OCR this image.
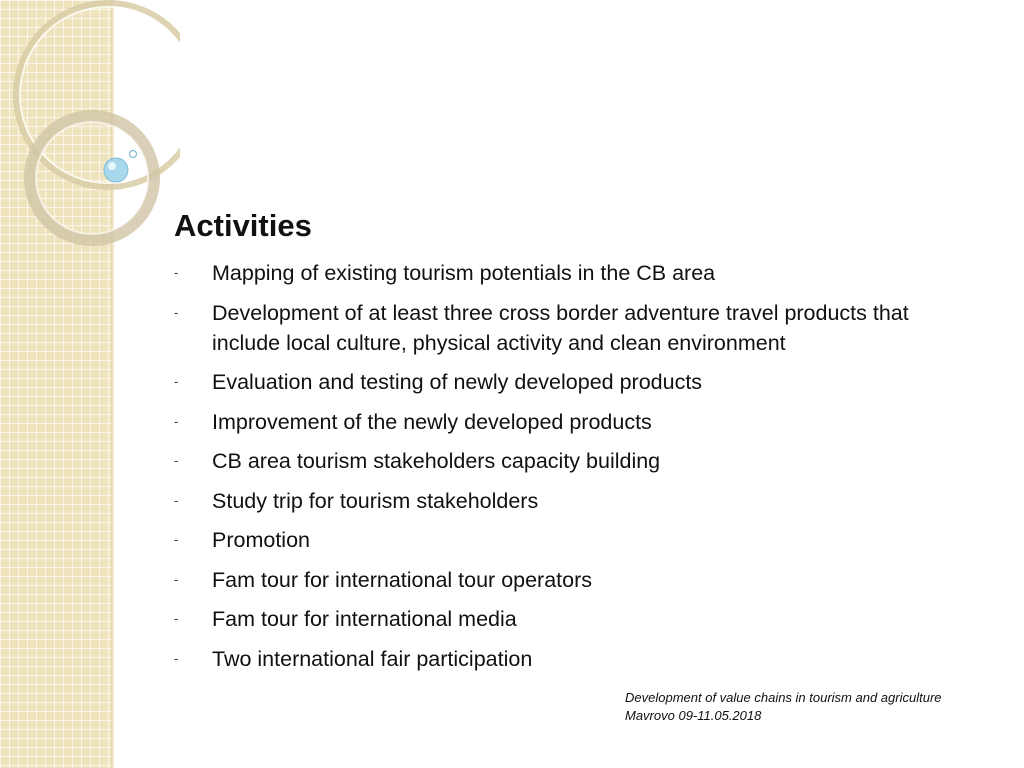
Activities
- Mapping of existing tourism potentials in the CB area
- Development of at least three cross border adventure travel products that include local culture, physical activity and clean environment
- Evaluation and testing of newly developed products
- Improvement of the newly developed products
- CB area tourism stakeholders capacity building
- Study trip for tourism stakeholders
- Promotion
- Fam tour for international tour operators
- Fam tour for international media
- Two international fair participation
Development of value chains in tourism and agriculture
Mavrovo 09-11.05.2018
